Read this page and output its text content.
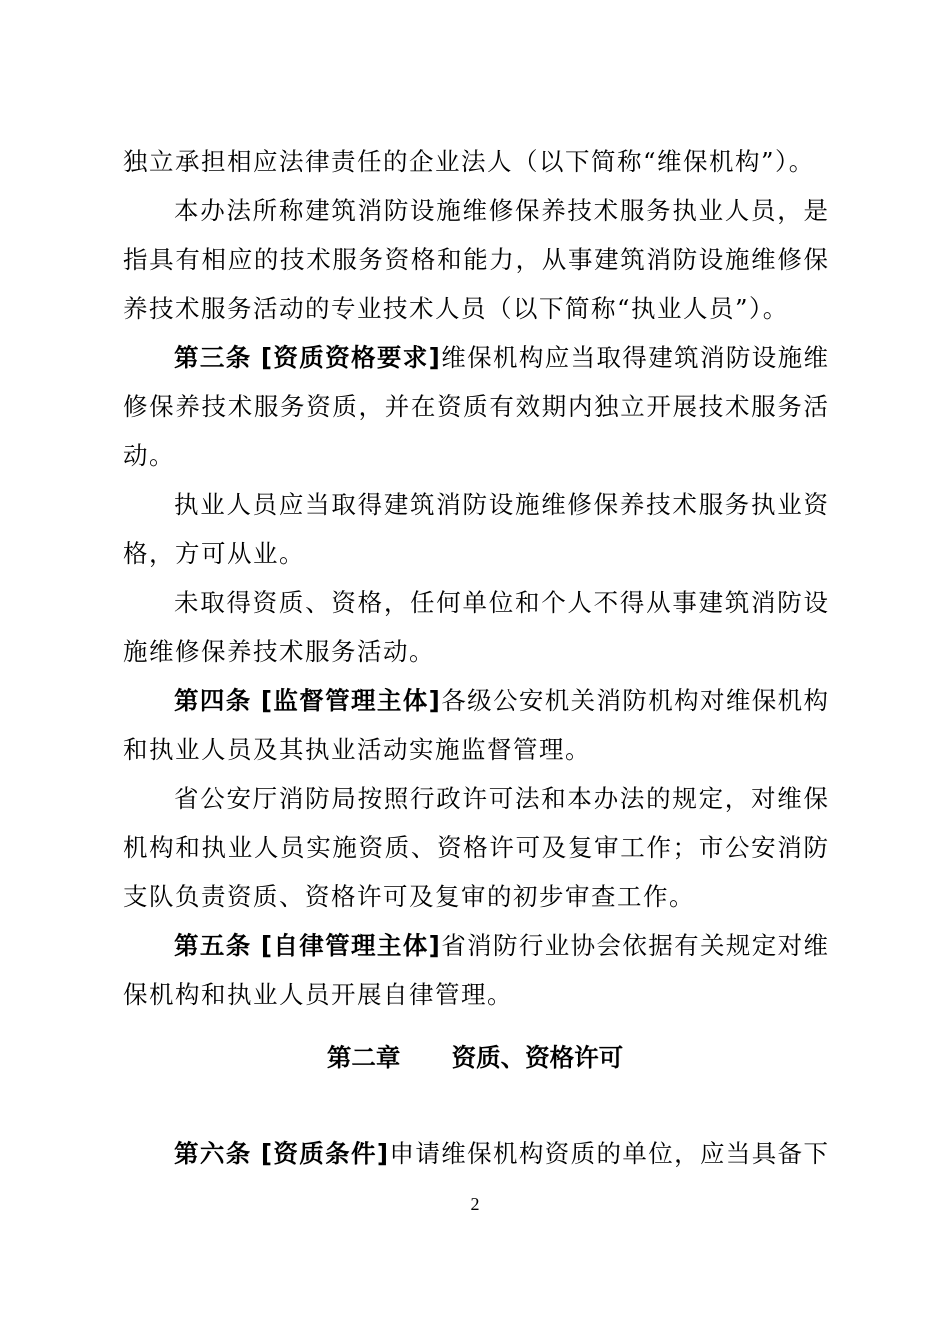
独立承担相应法律责任的企业法人（以下简称“维保机构”）。
本办法所称建筑消防设施维修保养技术服务执业人员，是
指具有相应的技术服务资格和能力，从事建筑消防设施维修保
养技术服务活动的专业技术人员（以下简称“执业人员”）。
第三条 [资质资格要求]维保机构应当取得建筑消防设施维
修保养技术服务资质，并在资质有效期内独立开展技术服务活
动。
执业人员应当取得建筑消防设施维修保养技术服务执业资
格，方可从业。
未取得资质、资格，任何单位和个人不得从事建筑消防设
施维修保养技术服务活动。
第四条 [监督管理主体]各级公安机关消防机构对维保机构
和执业人员及其执业活动实施监督管理。
省公安厅消防局按照行政许可法和本办法的规定，对维保
机构和执业人员实施资质、资格许可及复审工作；市公安消防
支队负责资质、资格许可及复审的初步审查工作。
第五条 [自律管理主体]省消防行业协会依据有关规定对维
保机构和执业人员开展自律管理。
第二章 资质、资格许可
第六条 [资质条件]申请维保机构资质的单位，应当具备下
2
